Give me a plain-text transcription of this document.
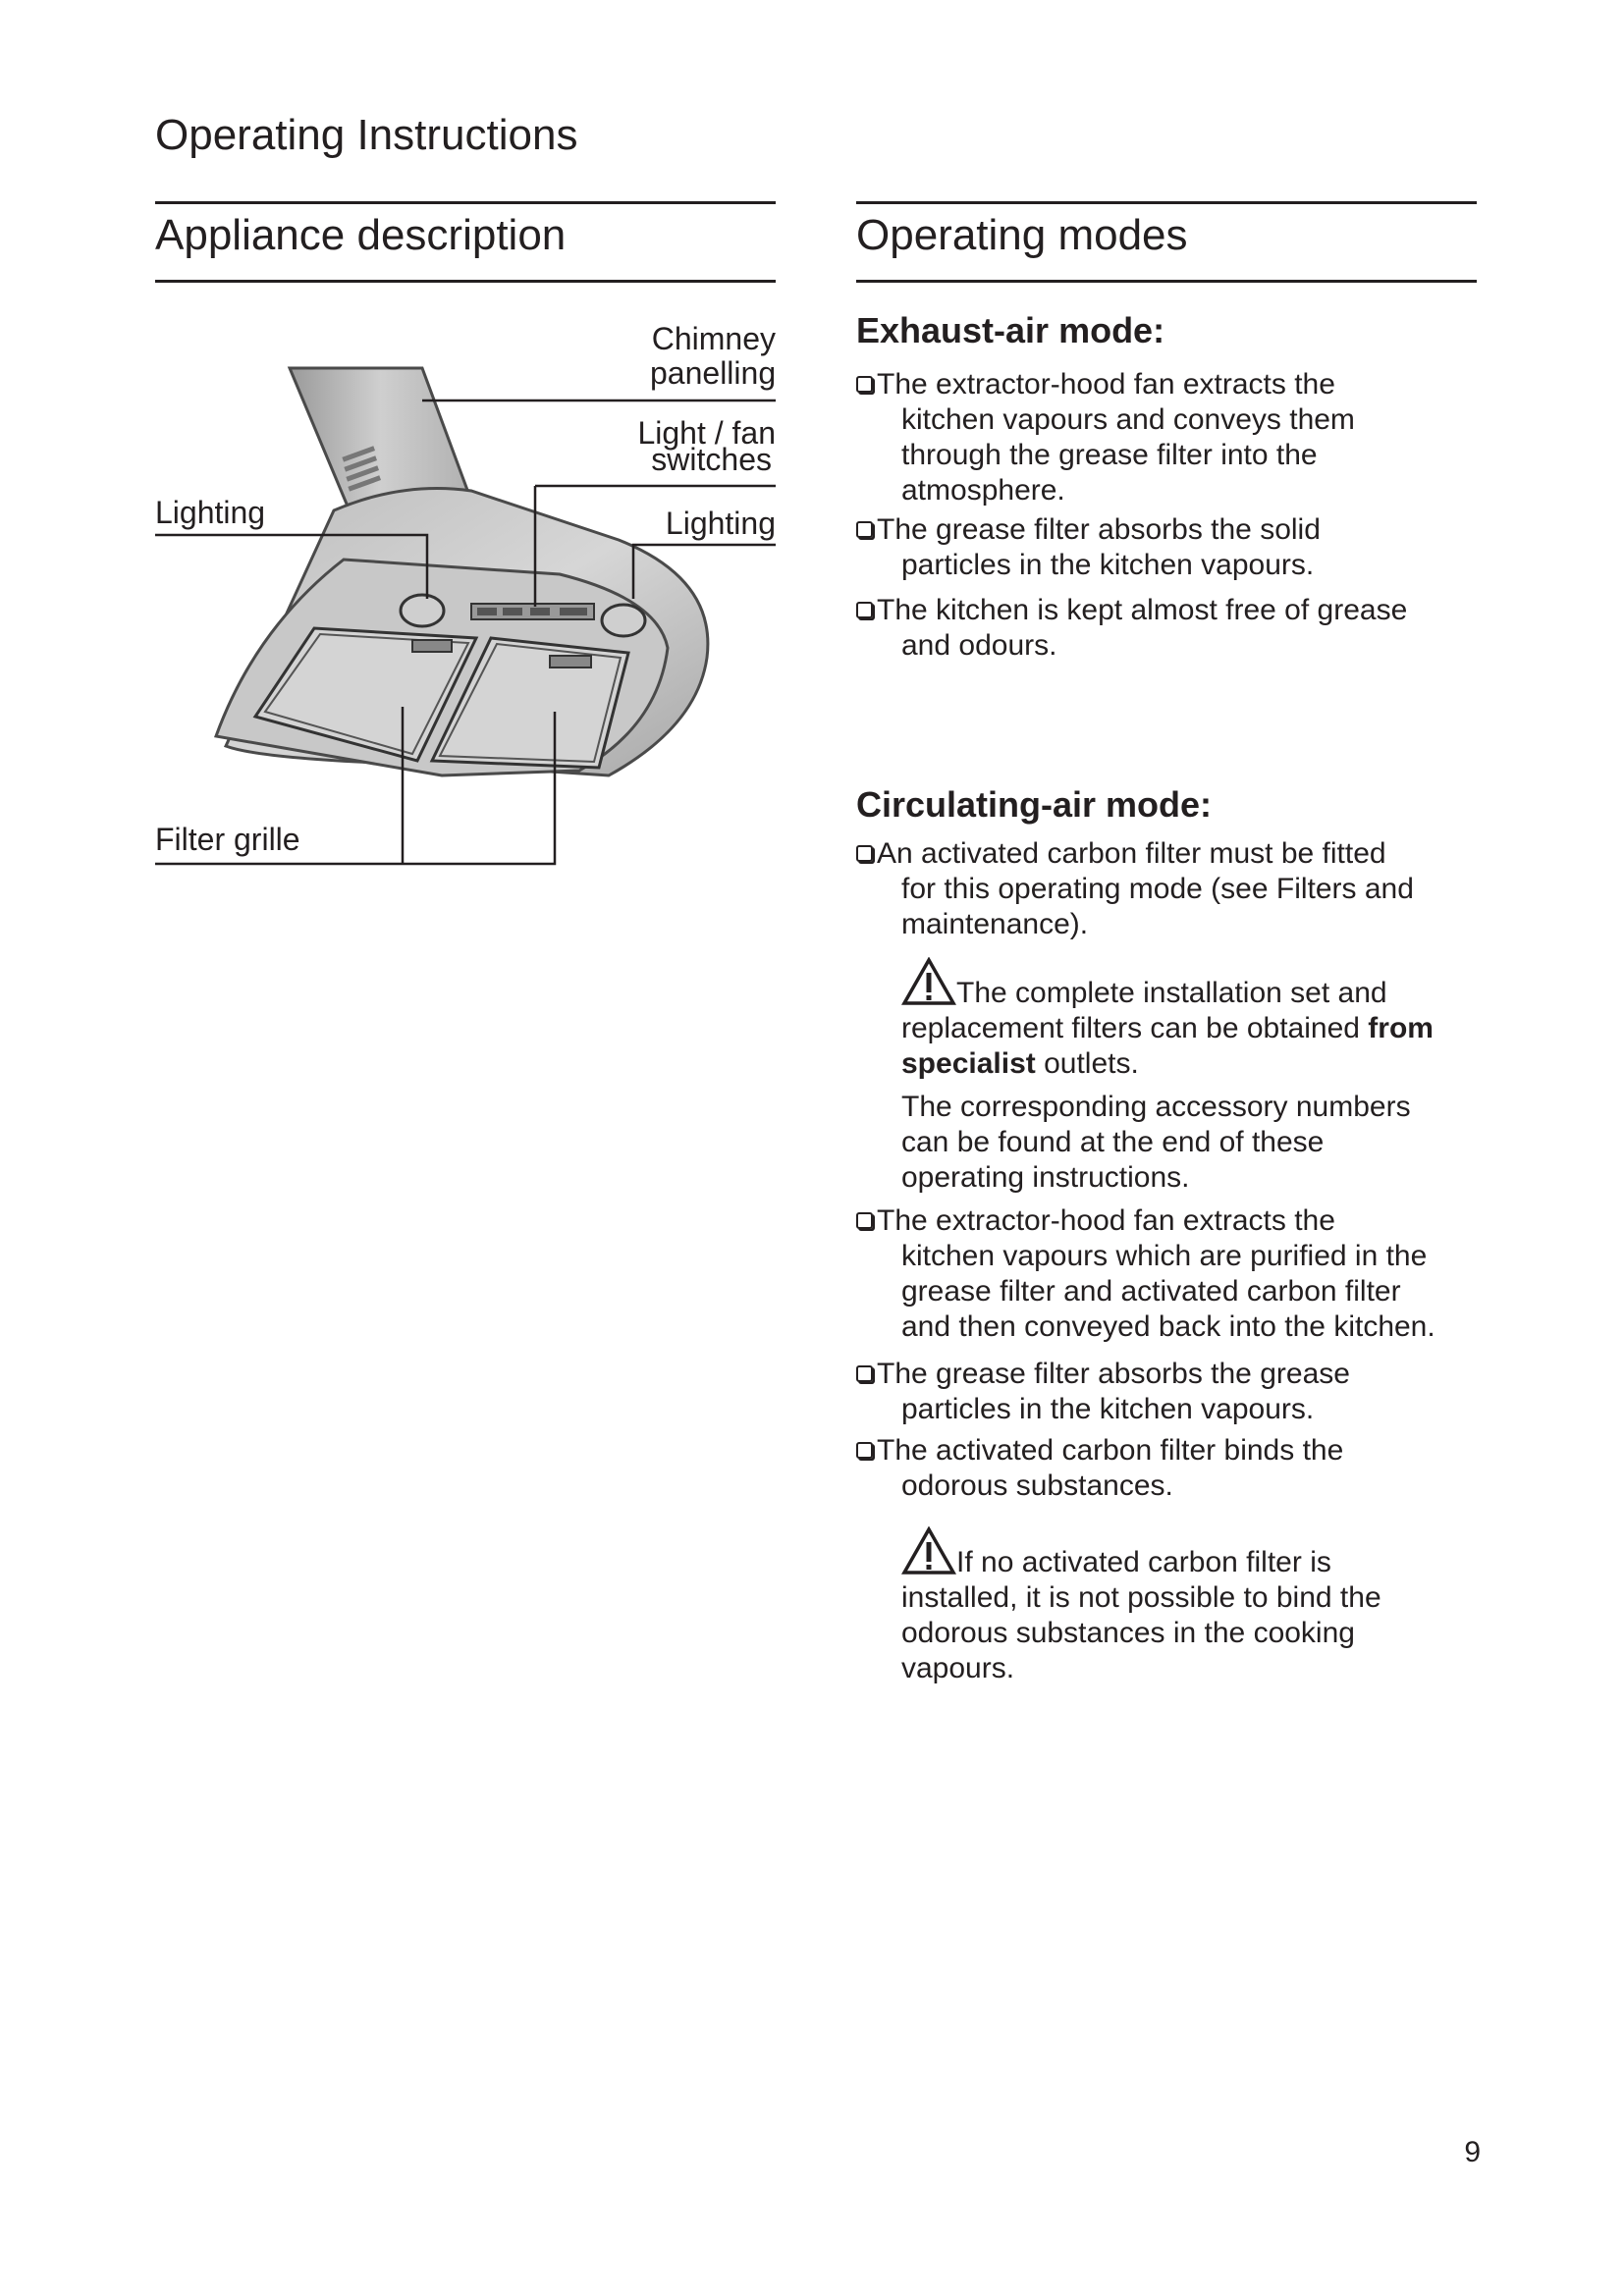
Operating Instructions
Appliance description
Chimney
panelling
Light / fan
switches
Lighting	Lighting
Filter grille
Operating modes
Exhaust-air mode:
The extractor-hood fan extracts the
kitchen vapours and conveys them
through the grease filter into the
atmosphere.
The grease filter absorbs the solid
particles in the kitchen vapours.
The kitchen is kept almost free of grease
and odours.
Circulating-air mode:
An activated carbon filter must be fitted
for this operating mode (see Filters and
maintenance).
The complete installation set and
replacement filters can be obtained from
specialist outlets.
The corresponding accessory numbers
can be found at the end of these
operating instructions.
The extractor-hood fan extracts the
kitchen vapours which are purified in the
grease filter and activated carbon filter
and then conveyed back into the kitchen.
The grease filter absorbs the grease
particles in the kitchen vapours.
The activated carbon filter binds the
odorous substances.
If no activated carbon filter is
installed, it is not possible to bind the
odorous substances in the cooking
vapours.
9
